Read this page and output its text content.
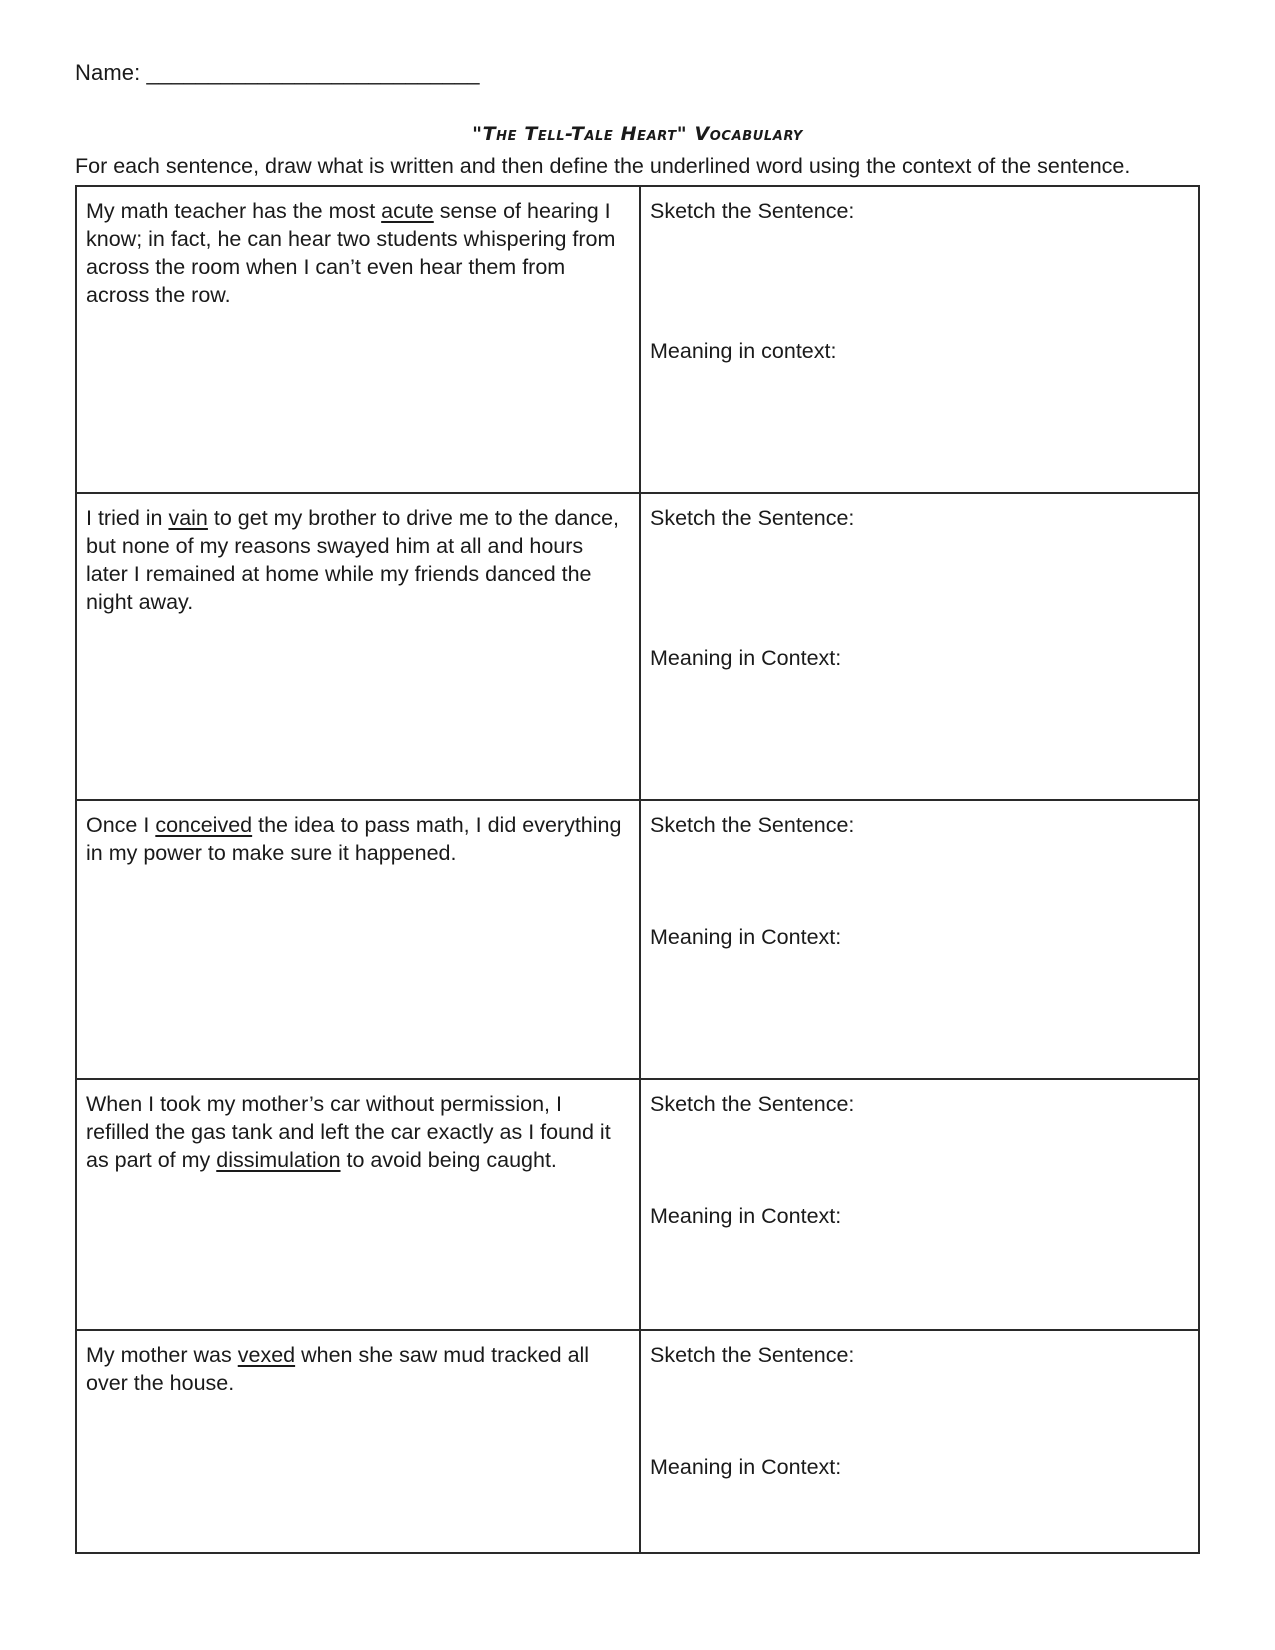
Name: ___________________________
"The Tell-Tale Heart" Vocabulary
For each sentence, draw what is written and then define the underlined word using the context of the sentence.
My math teacher has the most acute sense of hearing I know; in fact, he can hear two students whispering from across the room when I can’t even hear them from across the row.	Sketch the Sentence:
Meaning in context:

I tried in vain to get my brother to drive me to the dance, but none of my reasons swayed him at all and hours later I remained at home while my friends danced the night away.	Sketch the Sentence:
Meaning in Context:

Once I conceived the idea to pass math, I did everything in my power to make sure it happened.	Sketch the Sentence:
Meaning in Context:

When I took my mother’s car without permission, I refilled the gas tank and left the car exactly as I found it as part of my dissimulation to avoid being caught.	Sketch the Sentence:
Meaning in Context:

My mother was vexed when she saw mud tracked all over the house.	Sketch the Sentence:
Meaning in Context:
